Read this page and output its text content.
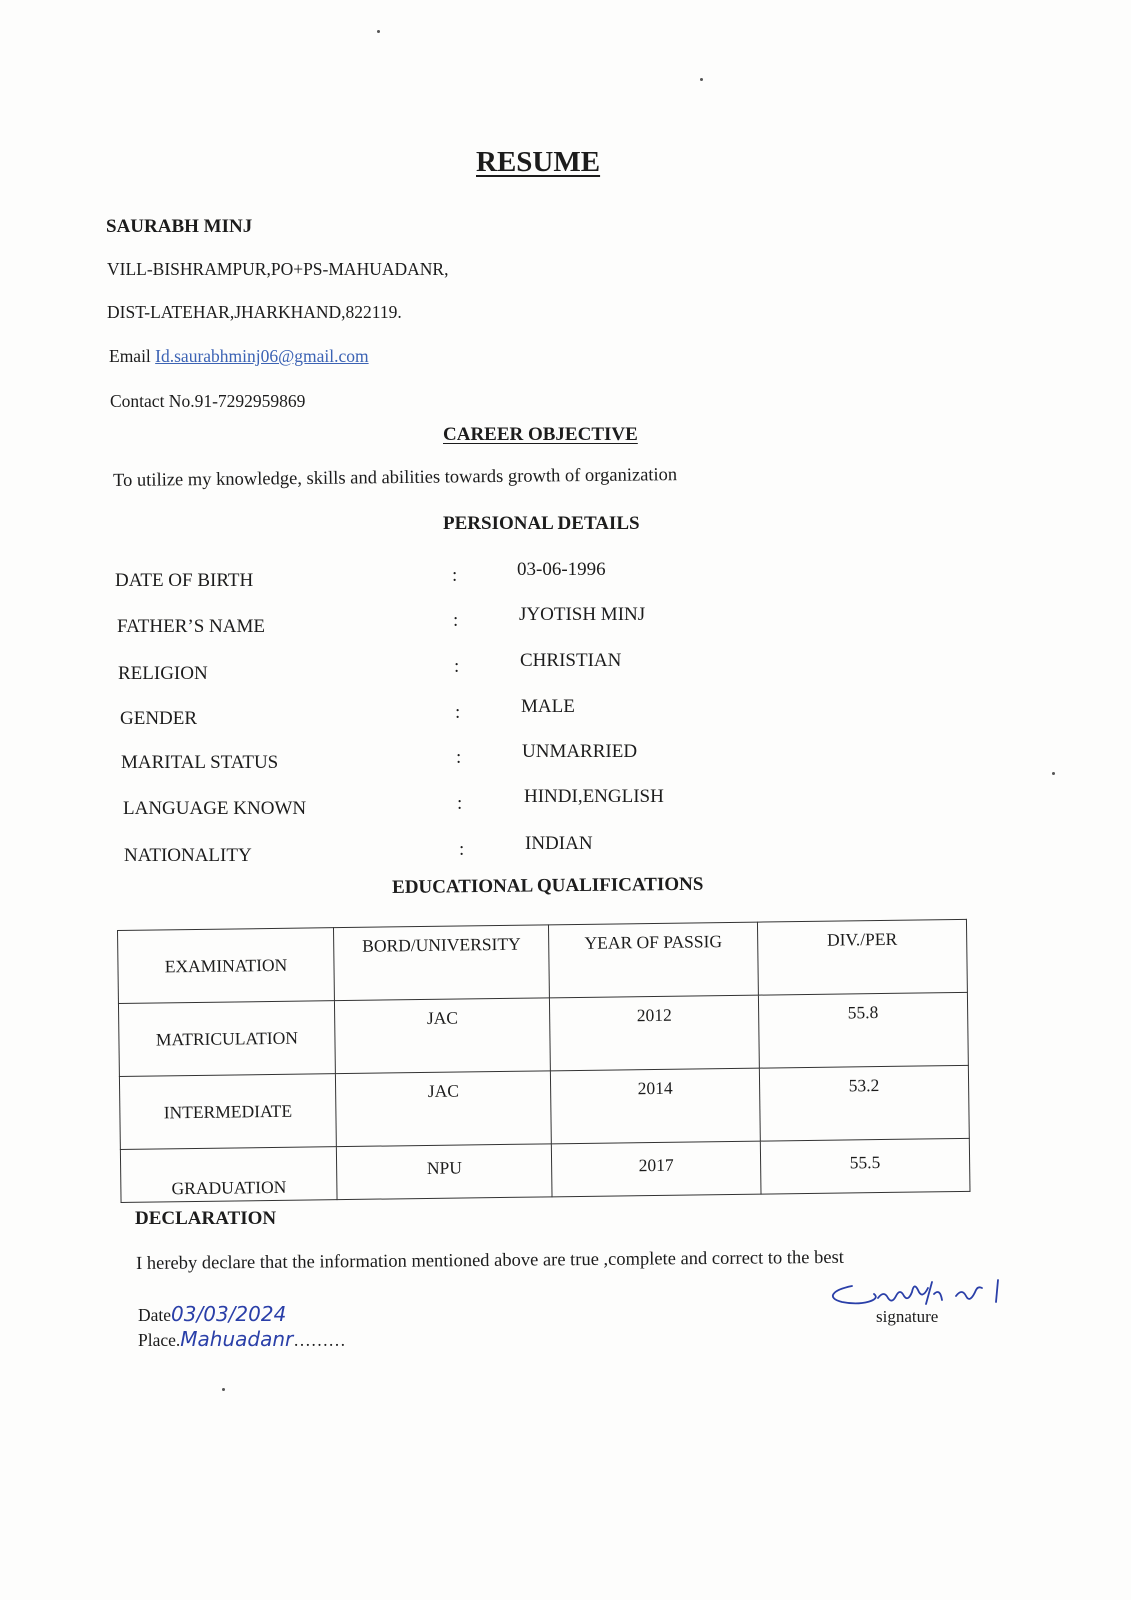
RESUME
SAURABH MINJ
VILL-BISHRAMPUR,PO+PS-MAHUADANR,
DIST-LATEHAR,JHARKHAND,822119.
Email Id.saurabhminj06@gmail.com
Contact No.91-7292959869
CAREER OBJECTIVE
To utilize my knowledge, skills and abilities towards growth of organization
PERSIONAL DETAILS
DATE OF BIRTH	:	03-06-1996
FATHER’S NAME	:	JYOTISH MINJ
RELIGION	:	CHRISTIAN
GENDER	:	MALE
MARITAL STATUS	:	UNMARRIED
LANGUAGE KNOWN	:	HINDI,ENGLISH
NATIONALITY	:	INDIAN
EDUCATIONAL QUALIFICATIONS
EXAMINATION	BORD/UNIVERSITY	YEAR OF PASSIG	DIV./PER
MATRICULATION	JAC	2012	55.8
INTERMEDIATE	JAC	2014	53.2
GRADUATION	NPU	2017	55.5
DECLARATION
I hereby declare that the information mentioned above are true ,complete and correct to the best
Date03/03/2024
Place.Mahuadanr………
signature
